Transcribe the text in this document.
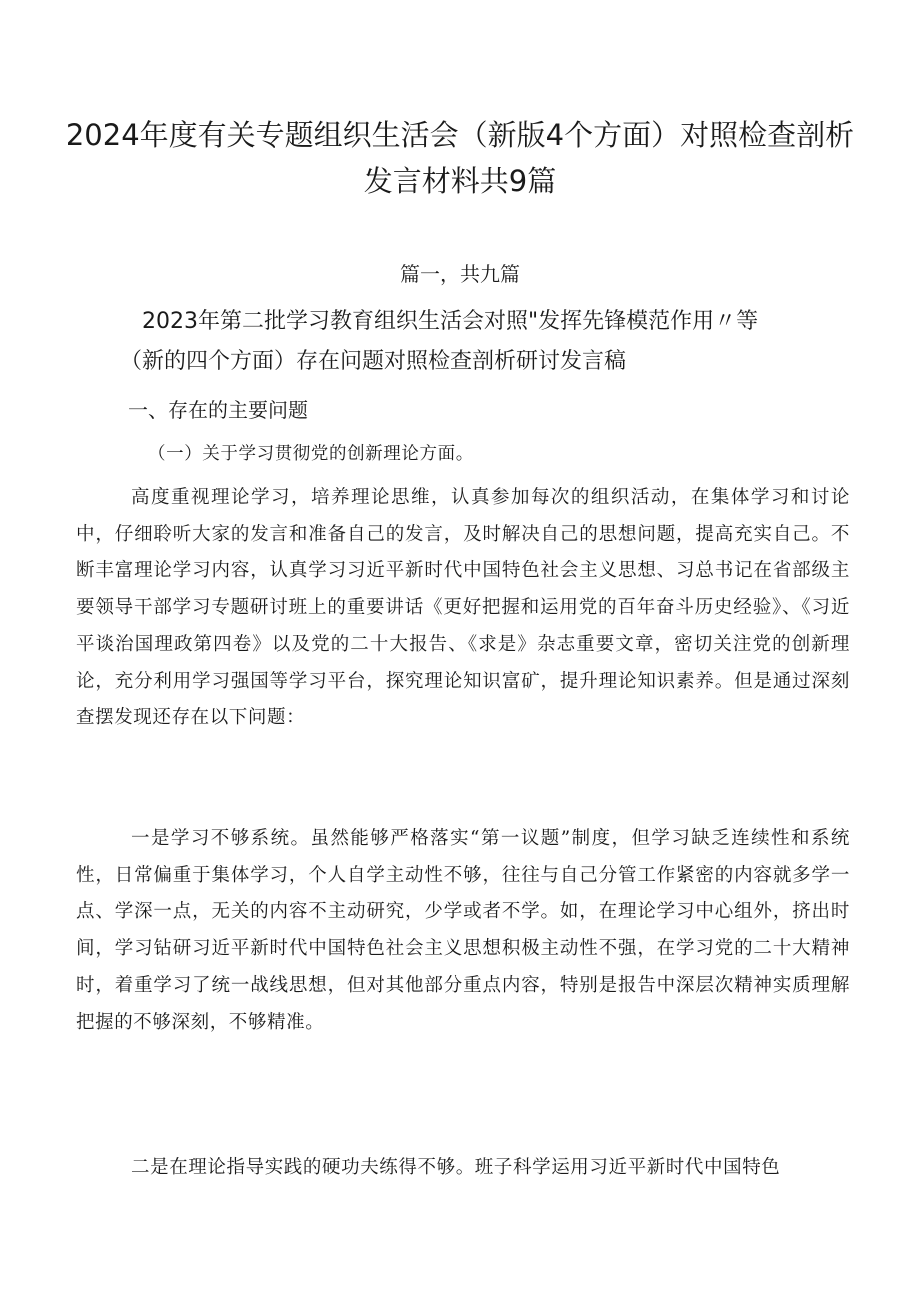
2024年度有关专题组织生活会（新版4个方面）对照检查剖析发言材料共9篇
篇一，共九篇
2023年第二批学习教育组织生活会对照"发挥先锋模范作用〃等
（新的四个方面）存在问题对照检查剖析研讨发言稿
一、存在的主要问题

（一）关于学习贯彻党的创新理论方面。

高度重视理论学习，培养理论思维，认真参加每次的组织活动，在集体学习和讨论中，仔细聆听大家的发言和准备自己的发言，及时解决自己的思想问题，提高充实自己。不断丰富理论学习内容，认真学习习近平新时代中国特色社会主义思想、习总书记在省部级主要领导干部学习专题研讨班上的重要讲话《更好把握和运用党的百年奋斗历史经验》、《习近平谈治国理政第四卷》以及党的二十大报告、《求是》杂志重要文章，密切关注党的创新理论，充分利用学习强国等学习平台，探究理论知识富矿，提升理论知识素养。但是通过深刻查摆发现还存在以下问题：

一是学习不够系统。虽然能够严格落实“第一议题”制度，但学习缺乏连续性和系统性，日常偏重于集体学习，个人自学主动性不够，往往与自己分管工作紧密的内容就多学一点、学深一点，无关的内容不主动研究，少学或者不学。如，在理论学习中心组外，挤出时间，学习钻研习近平新时代中国特色社会主义思想积极主动性不强，在学习党的二十大精神时，着重学习了统一战线思想，但对其他部分重点内容，特别是报告中深层次精神实质理解把握的不够深刻，不够精准。

二是在理论指导实践的硬功夫练得不够。班子科学运用习近平新时代中国特色
